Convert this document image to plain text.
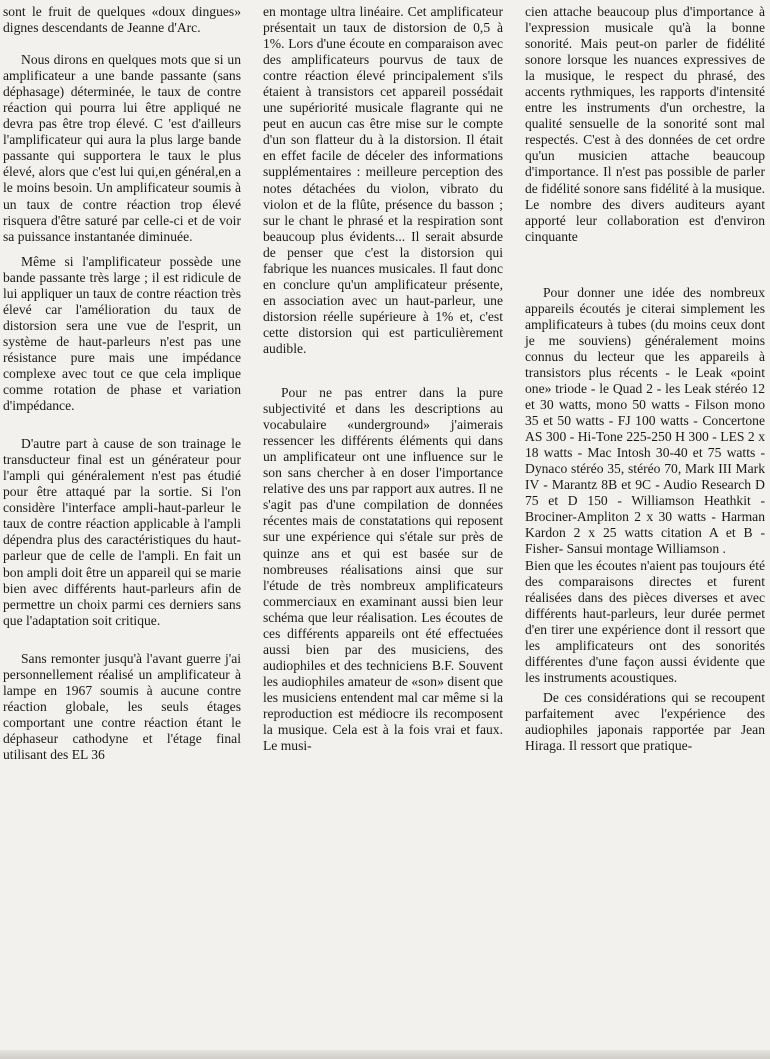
sont le fruit de quelques «doux dingues» dignes descendants de Jeanne d'Arc.

Nous dirons en quelques mots que si un amplificateur a une bande passante (sans déphasage) déterminée, le taux de contre réaction qui pourra lui être appliqué ne devra pas être trop élevé. C 'est d'ailleurs l'amplificateur qui aura la plus large bande passante qui supportera le taux le plus élevé, alors que c'est lui qui,en général,en a le moins besoin. Un amplificateur soumis à un taux de contre réaction trop élevé risquera d'être saturé par celle-ci et de voir sa puissance instantanée diminuée.

Même si l'amplificateur possède une bande passante très large ; il est ridicule de lui appliquer un taux de contre réaction très élevé car l'amélioration du taux de distorsion sera une vue de l'esprit, un système de haut-parleurs n'est pas une résistance pure mais une impédance complexe avec tout ce que cela implique comme rotation de phase et variation d'impédance.

D'autre part à cause de son trainage le transducteur final est un générateur pour l'ampli qui généralement n'est pas étudié pour être attaqué par la sortie. Si l'on considère l'interface ampli-haut-parleur le taux de contre réaction applicable à l'ampli dépendra plus des caractéristiques du haut-parleur que de celle de l'ampli. En fait un bon ampli doit être un appareil qui se marie bien avec différents haut-parleurs afin de permettre un choix parmi ces derniers sans que l'adaptation soit critique.

Sans remonter jusqu'à l'avant guerre j'ai personnellement réalisé un amplificateur à lampe en 1967 soumis à aucune contre réaction globale, les seuls étages comportant une contre réaction étant le déphaseur cathodyne et l'étage final utilisant des EL 36

en montage ultra linéaire. Cet amplificateur présentait un taux de distorsion de 0,5 à 1%. Lors d'une écoute en comparaison avec des amplificateurs pourvus de taux de contre réaction élevé principalement s'ils étaient à transistors cet appareil possédait une supériorité musicale flagrante qui ne peut en aucun cas être mise sur le compte d'un son flatteur du à la distorsion. Il était en effet facile de déceler des informations supplémentaires : meilleure perception des notes détachées du violon, vibrato du violon et de la flûte, présence du basson ; sur le chant le phrasé et la respiration sont beaucoup plus évidents... Il serait absurde de penser que c'est la distorsion qui fabrique les nuances musicales. Il faut donc en conclure qu'un amplificateur présente, en association avec un haut-parleur, une distorsion réelle supérieure à 1% et, c'est cette distorsion qui est particulièrement audible.

Pour ne pas entrer dans la pure subjectivité et dans les descriptions au vocabulaire «underground» j'aimerais ressencer les différents éléments qui dans un amplificateur ont une influence sur le son sans chercher à en doser l'importance relative des uns par rapport aux autres. Il ne s'agit pas d'une compilation de données récentes mais de constatations qui reposent sur une expérience qui s'étale sur près de quinze ans et qui est basée sur de nombreuses réalisations ainsi que sur l'étude de très nombreux amplificateurs commerciaux en examinant aussi bien leur schéma que leur réalisation. Les écoutes de ces différents appareils ont été effectuées aussi bien par des musiciens, des audiophiles et des techniciens B.F. Souvent les audiophiles amateur de «son» disent que les musiciens entendent mal car même si la reproduction est médiocre ils recomposent la musique. Cela est à la fois vrai et faux. Le musi-

cien attache beaucoup plus d'importance à l'expression musicale qu'à la bonne sonorité. Mais peut-on parler de fidélité sonore lorsque les nuances expressives de la musique, le respect du phrasé, des accents rythmiques, les rapports d'intensité entre les instruments d'un orchestre, la qualité sensuelle de la sonorité sont mal respectés. C'est à des données de cet ordre qu'un musicien attache beaucoup d'importance. Il n'est pas possible de parler de fidélité sonore sans fidélité à la musique. Le nombre des divers auditeurs ayant apporté leur collaboration est d'environ cinquante

Pour donner une idée des nombreux appareils écoutés je citerai simplement les amplificateurs à tubes (du moins ceux dont je me souviens) généralement moins connus du lecteur que les appareils à transistors plus récents - le Leak «point one» triode - le Quad 2 - les Leak stéréo 12 et 30 watts, mono 50 watts - Filson mono 35 et 50 watts - FJ 100 watts - Concertone AS 300 - Hi-Tone 225-250 H 300 - LES 2 x 18 watts - Mac Intosh 30-40 et 75 watts -Dynaco stéréo 35, stéréo 70, Mark III Mark IV - Marantz 8B et 9C - Audio Research D 75 et D 150 - Williamson Heathkit - Brociner-Ampliton 2 x 30 watts - Harman Kardon 2 x 25 watts citation A et B - Fisher- Sansui montage Williamson .

Bien que les écoutes n'aient pas toujours été des comparaisons directes et furent réalisées dans des pièces diverses et avec différents haut-parleurs, leur durée permet d'en tirer une expérience dont il ressort que les amplificateurs ont des sonorités différentes d'une façon aussi évidente que les instruments acoustiques.

De ces considérations qui se recoupent parfaitement avec l'expérience des audiophiles japonais rapportée par Jean Hiraga. Il ressort que pratique-
